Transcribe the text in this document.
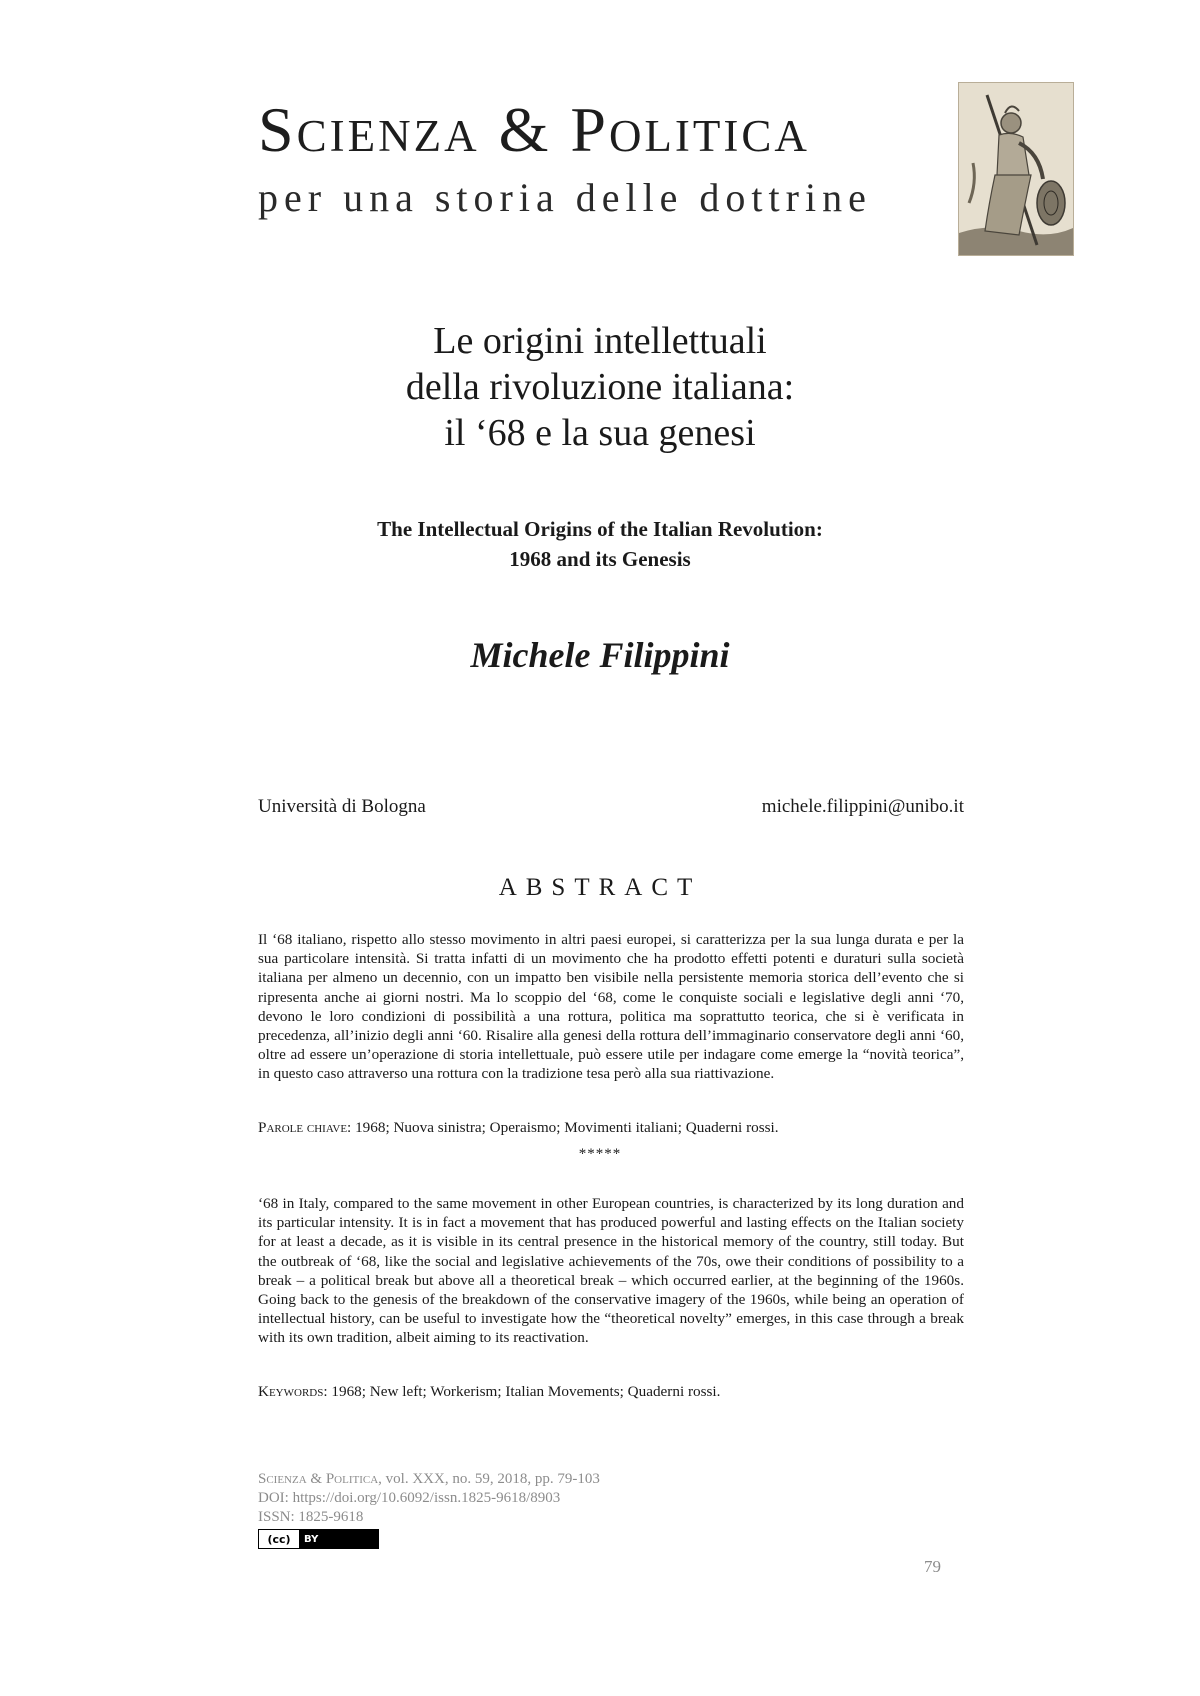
Scienza & Politica
per una storia delle dottrine
Le origini intellettuali
della rivoluzione italiana:
il ‘68 e la sua genesi
The Intellectual Origins of the Italian Revolution:
1968 and its Genesis
Michele Filippini
Università di Bologna	michele.filippini@unibo.it
ABSTRACT
Il ‘68 italiano, rispetto allo stesso movimento in altri paesi europei, si caratterizza per la sua lunga durata e per la sua particolare intensità. Si tratta infatti di un movimento che ha prodotto effetti potenti e duraturi sulla società italiana per almeno un decennio, con un impatto ben visibile nella persistente memoria storica dell’evento che si ripresenta anche ai giorni nostri. Ma lo scoppio del ‘68, come le conquiste sociali e legislative degli anni ‘70, devono le loro condizioni di possibilità a una rottura, politica ma soprattutto teorica, che si è verificata in precedenza, all’inizio degli anni ‘60. Risalire alla genesi della rottura dell’immaginario conservatore degli anni ‘60, oltre ad essere un’operazione di storia intellettuale, può essere utile per indagare come emerge la “novità teorica”, in questo caso attraverso una rottura con la tradizione tesa però alla sua riattivazione.
Parole chiave: 1968; Nuova sinistra; Operaismo; Movimenti italiani; Quaderni rossi.
*****
‘68 in Italy, compared to the same movement in other European countries, is characterized by its long duration and its particular intensity. It is in fact a movement that has produced powerful and lasting effects on the Italian society for at least a decade, as it is visible in its central presence in the historical memory of the country, still today. But the outbreak of ‘68, like the social and legislative achievements of the 70s, owe their conditions of possibility to a break – a political break but above all a theoretical break – which occurred earlier, at the beginning of the 1960s. Going back to the genesis of the breakdown of the conservative imagery of the 1960s, while being an operation of intellectual history, can be useful to investigate how the “theoretical novelty” emerges, in this case through a break with its own tradition, albeit aiming to its reactivation.
Keywords: 1968; New left; Workerism; Italian Movements; Quaderni rossi.
Scienza & Politica, vol. XXX, no. 59, 2018, pp. 79-103
DOI: https://doi.org/10.6092/issn.1825-9618/8903
ISSN: 1825-9618
(cc)	BY
79
